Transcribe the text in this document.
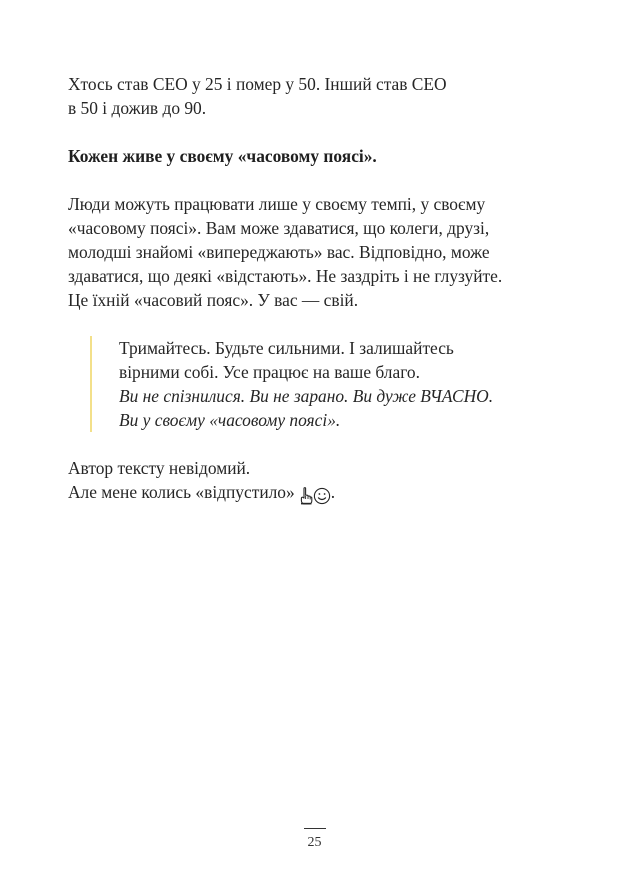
Хтось став CEO у 25 і помер у 50. Інший став CEO
в 50 і дожив до 90.

Кожен живе у своєму «часовому поясі».

Люди можуть працювати лише у своєму темпі, у своєму
«часовому поясі». Вам може здаватися, що колеги, друзі,
молодші знайомі «випереджають» вас. Відповідно, може
здаватися, що деякі «відстають». Не заздріть і не глузуйте.
Це їхній «часовий пояс». У вас — свій.

Тримайтесь. Будьте сильними. І залишайтесь
вірними собі. Усе працює на ваше благо.
Ви не спізнилися. Ви не зарано. Ви дуже ВЧАСНО.
Ви у своєму «часовому поясі».

Автор тексту невідомий.
Але мене колись «відпустило» .

25
